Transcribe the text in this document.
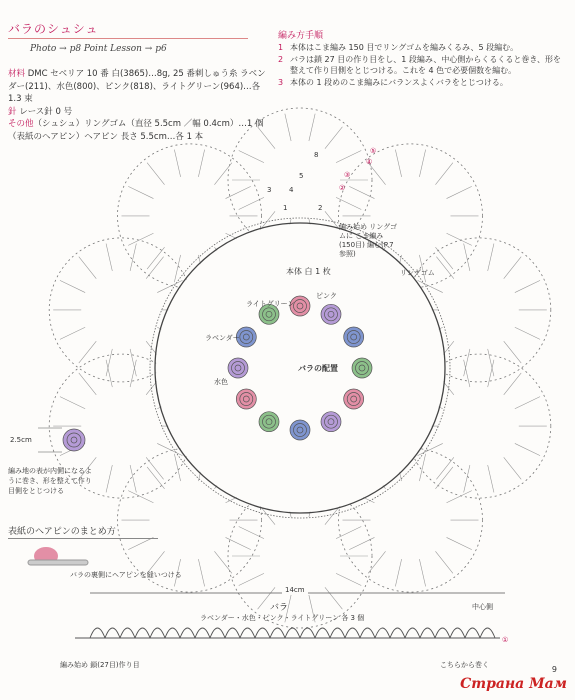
バラのシュシュ
Photo → p8 Point Lesson → p6
材料 DMC セベリア 10 番 白(3865)…8g, 25 番刺しゅう糸 ラベンダー(211)、水色(800)、ピンク(818)、ライトグリーン(964)…各 1.3 束
針 レース針 0 号
その他（シュシュ）リングゴム（直径 5.5cm ／幅 0.4cm）…1 個（表紙のヘアピン）ヘアピン 長さ 5.5cm…各 1 本
編み方手順
1 本体はこま編み 150 目でリングゴムを編みくるみ、5 段編む。
2 バラは鎖 27 目の作り目をし、1 段編み、中心側からくるくると巻き、形を整えて作り目側をとじつける。これを 4 色で必要個数を編む。
3 本体の 1 段めのこま編みにバランスよくバラをとじつける。
本体 白 1 枚
バラの配置
ライトグリーン
ピンク
ラベンダー
水色
編み始め リングゴムに こま編み(150目) 編む(P.7参照)
リングゴム
8
5
3	4
1	2
⑤
④
③
②
2.5cm
編み地の表が内側になるように巻き、形を整えて作り目側をとじつける
表紙のヘアピンのまとめ方
バラの裏側にヘアピンを縫いつける
14cm
バラ
ラベンダー・水色・ピンク・ライトグリーン 各 3 個
中心側
①
編み始め 鎖(27目)作り目	こちらから巻く	9
Страна Мам
